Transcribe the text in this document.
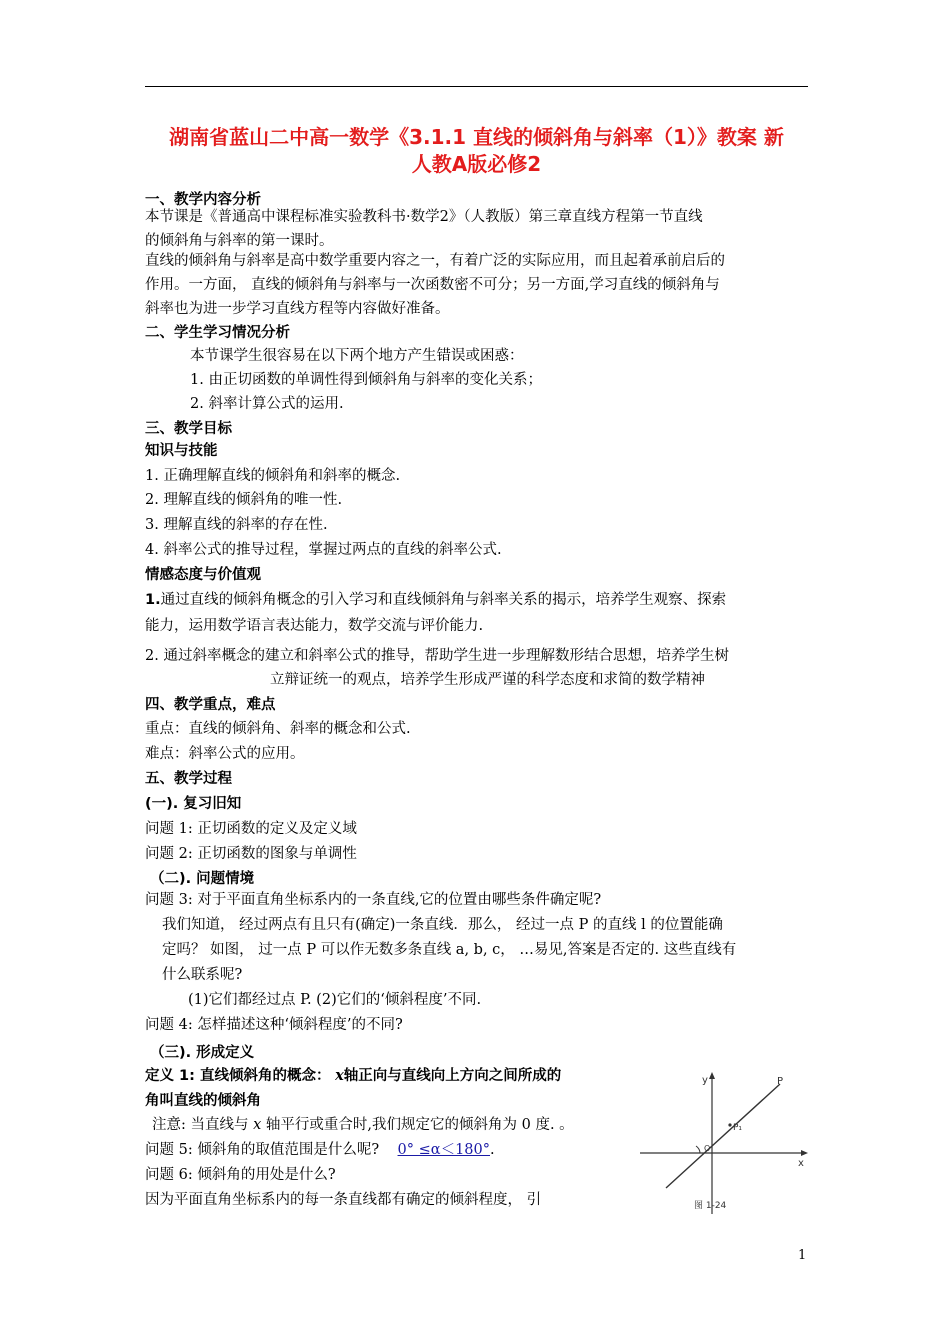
湖南省蓝山二中高一数学《3.1.1 直线的倾斜角与斜率（1）》教案 新
人教A版必修2
一、教学内容分析
本节课是《普通高中课程标准实验教科书·数学2》（人教版）第三章直线方程第一节直线
的倾斜角与斜率的第一课时。
直线的倾斜角与斜率是高中数学重要内容之一，有着广泛的实际应用，而且起着承前启后的
作用。一方面， 直线的倾斜角与斜率与一次函数密不可分；另一方面,学习直线的倾斜角与
斜率也为进一步学习直线方程等内容做好准备。
二、学生学习情况分析
本节课学生很容易在以下两个地方产生错误或困惑：
1. 由正切函数的单调性得到倾斜角与斜率的变化关系；
2. 斜率计算公式的运用.
三、教学目标
知识与技能
1. 正确理解直线的倾斜角和斜率的概念.
2. 理解直线的倾斜角的唯一性.
3. 理解直线的斜率的存在性.
4. 斜率公式的推导过程，掌握过两点的直线的斜率公式.
情感态度与价值观
1.通过直线的倾斜角概念的引入学习和直线倾斜角与斜率关系的揭示，培养学生观察、探索
能力，运用数学语言表达能力，数学交流与评价能力.
2. 通过斜率概念的建立和斜率公式的推导，帮助学生进一步理解数形结合思想，培养学生树
立辩证统一的观点，培养学生形成严谨的科学态度和求简的数学精神
四、教学重点，难点
重点：直线的倾斜角、斜率的概念和公式.
难点：斜率公式的应用。
五、教学过程
(一). 复习旧知
问题 1: 正切函数的定义及定义域
问题 2: 正切函数的图象与单调性
（二). 问题情境
问题 3: 对于平面直角坐标系内的一条直线,它的位置由哪些条件确定呢?
我们知道， 经过两点有且只有(确定)一条直线．那么， 经过一点 P 的直线 l 的位置能确
定吗？ 如图， 过一点 P 可以作无数多条直线 a, b, c， …易见,答案是否定的. 这些直线有
什么联系呢?
(1)它们都经过点 P. (2)它们的‘倾斜程度’不同.
问题 4: 怎样描述这种‘倾斜程度’的不同?
（三). 形成定义
定义 1: 直线倾斜角的概念： x轴正向与直线向上方向之间所成的
角叫直线的倾斜角
注意: 当直线与 x 轴平行或重合时,我们规定它的倾斜角为 0 度. 。
问题 5: 倾斜角的取值范围是什么呢? 0° ≤α＜180°.
问题 6: 倾斜角的用处是什么?
因为平面直角坐标系内的每一条直线都有确定的倾斜程度， 引
y
x
P
P₁
O
图 1-24
1
